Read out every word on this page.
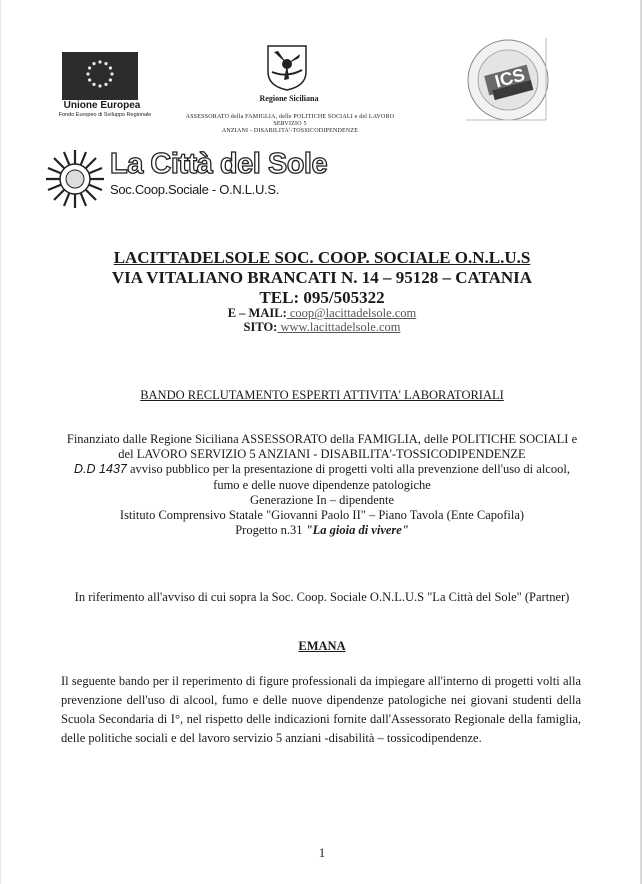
Unione Europea
Fondo Europeo di Sviluppo Regionale
Regione Siciliana
ASSESSORATO della FAMIGLIA, delle POLITICHE SOCIALI e del LAVORO
SERVIZIO 5
ANZIANI - DISABILITA'-TOSSICODIPENDENZE
ICS
La Città del Sole
Soc.Coop.Sociale - O.N.L.U.S.
LACITTADELSOLE SOC. COOP. SOCIALE O.N.L.U.S
VIA VITALIANO BRANCATI N. 14 – 95128 – CATANIA
TEL: 095/505322
E – MAIL: coop@lacittadelsole.com
SITO: www.lacittadelsole.com
BANDO RECLUTAMENTO ESPERTI ATTIVITA' LABORATORIALI
Finanziato dalle Regione Siciliana ASSESSORATO della FAMIGLIA, delle POLITICHE SOCIALI e
del LAVORO SERVIZIO 5 ANZIANI - DISABILITA'-TOSSICODIPENDENZE
D.D 1437 avviso pubblico per la presentazione di progetti volti alla prevenzione dell'uso di alcool,
fumo e delle nuove dipendenze patologiche
Generazione In – dipendente
Istituto Comprensivo Statale "Giovanni Paolo II" – Piano Tavola (Ente Capofila)
Progetto n.31 "La gioia di vivere"
In riferimento all'avviso di cui sopra la Soc. Coop. Sociale O.N.L.U.S "La Città del Sole" (Partner)
EMANA
Il seguente bando per il reperimento di figure professionali da impiegare all'interno di progetti volti alla prevenzione dell'uso di alcool, fumo e delle nuove dipendenze patologiche nei giovani studenti della Scuola Secondaria di I°, nel rispetto delle indicazioni fornite dall'Assessorato Regionale della famiglia, delle politiche sociali e del lavoro servizio 5 anziani -disabilità – tossicodipendenze.
1
